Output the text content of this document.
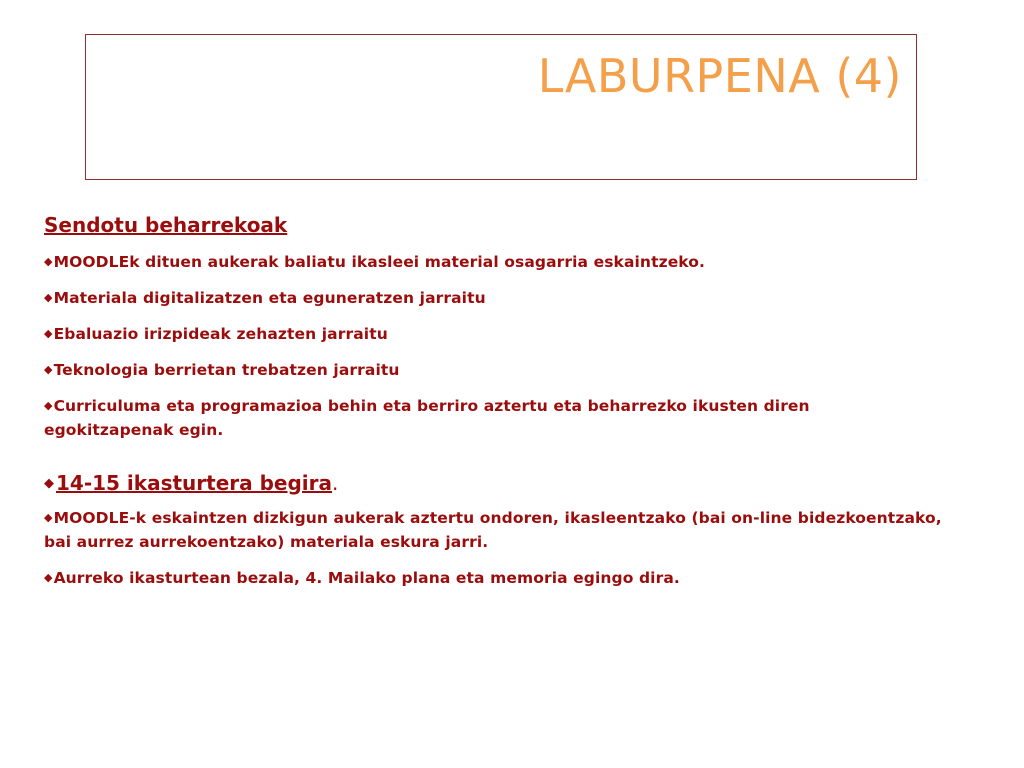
LABURPENA (4)
Sendotu beharrekoak
◆MOODLEk dituen aukerak baliatu ikasleei material osagarria eskaintzeko.
◆Materiala digitalizatzen eta eguneratzen jarraitu
◆Ebaluazio irizpideak zehazten jarraitu
◆Teknologia berrietan trebatzen jarraitu
◆Curriculuma eta programazioa behin eta berriro aztertu eta beharrezko ikusten diren egokitzapenak egin.
◆ 14-15 ikasturtera begira.
◆MOODLE-k eskaintzen dizkigun aukerak aztertu ondoren, ikasleentzako (bai on-line bidezkoentzako, bai aurrez aurrekoentzako) materiala eskura jarri.
◆Aurreko ikasturtean bezala, 4. Mailako plana eta memoria egingo dira.
